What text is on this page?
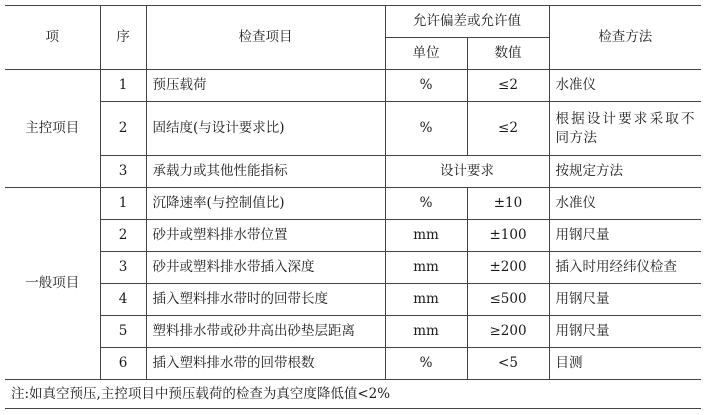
项	序	检查项目	允许偏差或允许值		检查方法
			单位	数值	
主控项目	1	预压载荷	%	≤2	水准仪
	2	固结度(与设计要求比)	%	≤2	根据设计要求采取不同方法
	3	承载力或其他性能指标	设计要求		按规定方法
一般项目	1	沉降速率(与控制值比)	%	±10	水准仪
	2	砂井或塑料排水带位置	mm	±100	用钢尺量
	3	砂井或塑料排水带插入深度	mm	±200	插入时用经纬仪检查
	4	插入塑料排水带时的回带长度	mm	≤500	用钢尺量
	5	塑料排水带或砂井高出砂垫层距离	mm	≥200	用钢尺量
	6	插入塑料排水带的回带根数	%	<5	目测
注:如真空预压,主控项目中预压载荷的检查为真空度降低值<2%					
